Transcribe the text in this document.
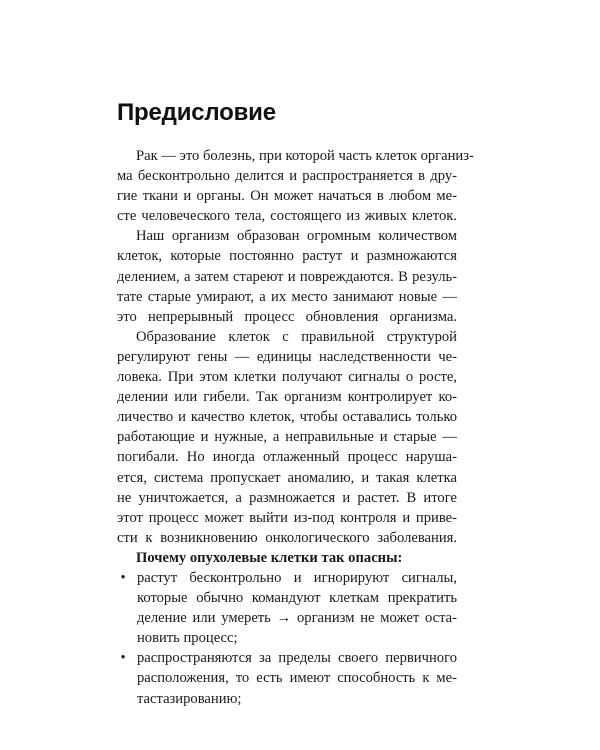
Предисловие
Рак — это болезнь, при которой часть клеток организ-
ма бесконтрольно делится и распространяется в дру-
гие ткани и органы. Он может начаться в любом ме-
сте человеческого тела, состоящего из живых клеток.
Наш организм образован огромным количеством
клеток, которые постоянно растут и размножаются
делением, а затем стареют и повреждаются. В резуль-
тате старые умирают, а их место занимают новые —
это непрерывный процесс обновления организма.
Образование клеток с правильной структурой
регулируют гены — единицы наследственности че-
ловека. При этом клетки получают сигналы о росте,
делении или гибели. Так организм контролирует ко-
личество и качество клеток, чтобы оставались только
работающие и нужные, а неправильные и старые —
погибали. Но иногда отлаженный процесс наруша-
ется, система пропускает аномалию, и такая клетка
не уничтожается, а размножается и растет. В итоге
этот процесс может выйти из-под контроля и приве-
сти к возникновению онкологического заболевания.
Почему опухолевые клетки так опасны:
• растут бесконтрольно и игнорируют сигналы,
которые обычно командуют клеткам прекратить
деление или умереть → организм не может оста-
новить процесс;
• распространяются за пределы своего первичного
расположения, то есть имеют способность к ме-
тастазированию;
